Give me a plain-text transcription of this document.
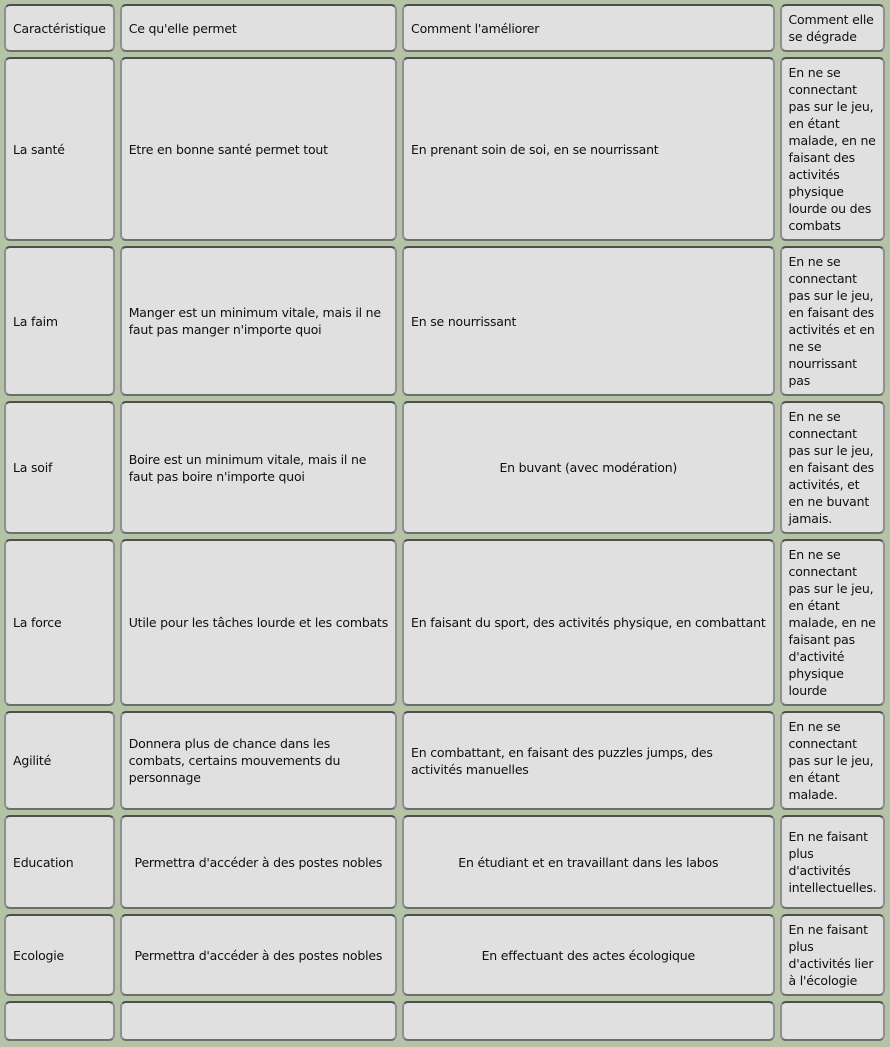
Caractéristique	Ce qu'elle permet	Comment l'améliorer	Comment elle se dégrade
La santé	Etre en bonne santé permet tout	En prenant soin de soi, en se nourrissant	En ne se connectant pas sur le jeu, en étant malade, en ne faisant des activités physique lourde ou des combats
La faim	Manger est un minimum vitale, mais il ne faut pas manger n'importe quoi	En se nourrissant	En ne se connectant pas sur le jeu, en faisant des activités et en ne se nourrissant pas
La soif	Boire est un minimum vitale, mais il ne faut pas boire n'importe quoi	En buvant (avec modération)	En ne se connectant pas sur le jeu, en faisant des activités, et en ne buvant jamais.
La force	Utile pour les tâches lourde et les combats	En faisant du sport, des activités physique, en combattant	En ne se connectant pas sur le jeu, en étant malade, en ne faisant pas d'activité physique lourde
Agilité	Donnera plus de chance dans les combats, certains mouvements du personnage	En combattant, en faisant des puzzles jumps, des activités manuelles	En ne se connectant pas sur le jeu, en étant malade.
Education	Permettra d'accéder à des postes nobles	En étudiant et en travaillant dans les labos	En ne faisant plus d'activités intellectuelles.
Ecologie	Permettra d'accéder à des postes nobles	En effectuant des actes écologique	En ne faisant plus d'activités lier à l'écologie
